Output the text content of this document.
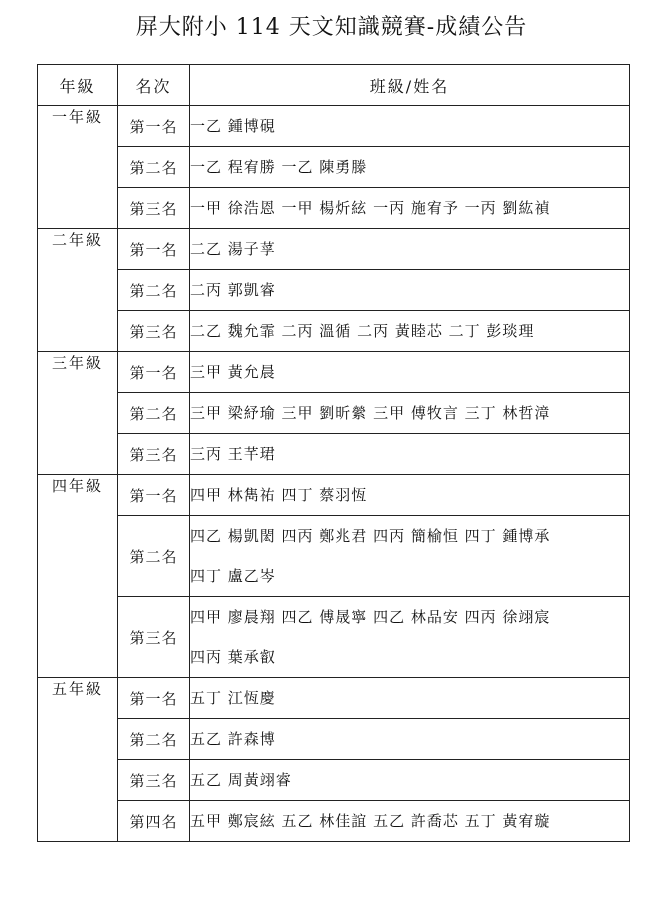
屏大附小 114 天文知識競賽-成績公告
年級	名次	班級/姓名
一年級	第一名	一乙 鍾博硯

	第二名	一乙 程宥勝 一乙 陳勇滕

	第三名	一甲 徐浩恩 一甲 楊炘絃 一丙 施宥予 一丙 劉紘禎

二年級	第一名	二乙 湯子莩

	第二名	二丙 郭凱睿

	第三名	二乙 魏允霏 二丙 溫循 二丙 黃睦芯 二丁 彭琰理

三年級	第一名	三甲 黃允晨

	第二名	三甲 梁紓瑜 三甲 劉昕縈 三甲 傅牧言 三丁 林哲漳

	第三名	三丙 王芊珺

四年級	第一名	四甲 林雋祐 四丁 蔡羽恆

	第二名	四乙 楊凱閎 四丙 鄭兆君 四丙 簡榆恒 四丁 鍾博承
四丁 盧乙岑

	第三名	四甲 廖晨翔 四乙 傅晟寧 四乙 林品安 四丙 徐翊宸
四丙 葉承叡

五年級	第一名	五丁 江恆慶

	第二名	五乙 許森博

	第三名	五乙 周黃翊睿

	第四名	五甲 鄭宸絃 五乙 林佳誼 五乙 許喬芯 五丁 黃宥璇
